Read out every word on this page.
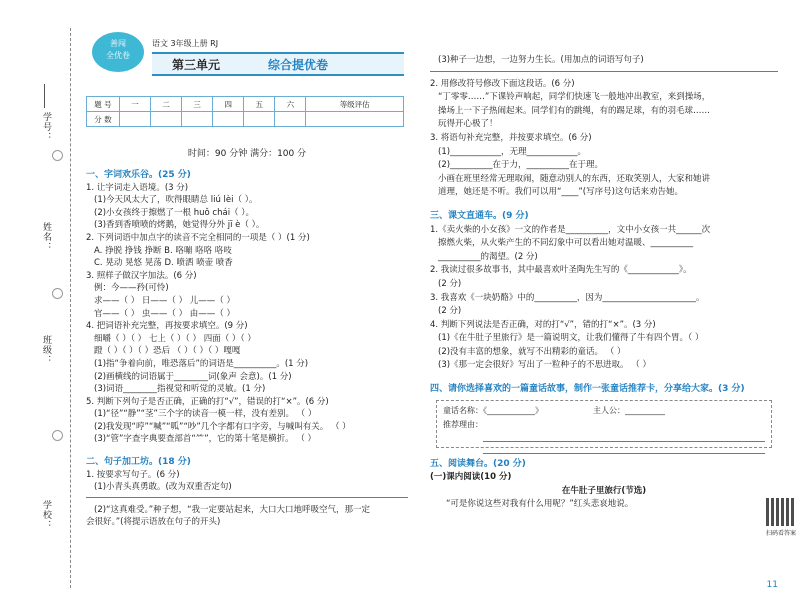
学号：
姓名：
班级：
学校：
善闯
全优卷
语文 3年级上册 RJ
第三单元	综合提优卷
题 号	一	二	三	四	五	六	等级评估
分 数							
时间：90 分钟 满分：100 分
一、字词欢乐谷。(25 分)
1. 让字词走入语境。(3 分)
(1)今天风太大了，吹得眼睛总 liú lèi（ ）。
(2)小女孩终于擦燃了一根 huǒ chái（ ）。
(3)香到香喷喷的烤鹅，她觉得分外 jī è（ ）。
2. 下列词语中加点字的读音不完全相同的一项是（ ）(1 分)
A. 挣脱 挣钱 挣断 B. 咯嘣 咯咯 咯吱
C. 晃动 晃悠 晃荡 D. 喷洒 喷壶 喷香
3. 照样子做汉字加法。(6 分)
例：今——矜(可怜)
求——（ ） 日——（ ） 儿——（ ）
官——（ ） 虫——（ ） 由——（ ）
4. 把词语补充完整，再按要求填空。(9 分)
细嚼（ ）（ ） 七上（ ）（ ） 四面（ ）（ ）
蹬（ ）（ ）（ ）恐后 （ ）（ ）（ ）嘎嘎
(1)指“争着向前，唯恐落后”的词语是__________。(1 分)
(2)画横线的词语属于________词(象声 会意)。(1 分)
(3)词语________指视觉和听觉的灵敏。(1 分)
5. 判断下列句子是否正确，正确的打“√”，错误的打“×”。(6 分)
(1)“径”“静”“茎”三个字的读音一模一样，没有差别。 （ ）
(2)我发现“哼”“喊”“呱”“吵”几个字都有口字旁，与喊叫有关。 （ ）
(3)“管”字查字典要查部首“⺮”，它的第十笔是横折。 （ ）
二、句子加工坊。(18 分)
1. 按要求写句子。(6 分)
(1)小青头真勇敢。(改为双重否定句)
(2)“这真难受。”种子想，“我一定要站起来，大口大口地呼吸空气，那一定
会很好。”(将提示语放在句子的开头)
(3)种子一边想，一边努力生长。(用加点的词语写句子)
2. 用修改符号修改下面这段话。(6 分)
“丁零零……”下课铃声响起，同学们快速飞一般地冲出教室，来到操场，
操场上一下子热闹起来。同学们有的跳绳，有的踢足球，有的羽毛球……
玩得开心极了！
3. 将语句补充完整，并按要求填空。(6 分)
(1)____________，无理____________。
(2)__________在于力，__________在于理。
小画在班里经常无理取闹，随意动别人的东西，还取笑别人，大家和她讲
道理，她还是不听。我们可以用“____”(写序号)这句话来劝告她。
三、课文直通车。(9 分)
1.《卖火柴的小女孩》一文的作者是__________，文中小女孩一共______次
擦燃火柴，从火柴产生的不同幻象中可以看出她对温暖、__________
__________的渴望。(2 分)
2. 我读过很多故事书，其中最喜欢叶圣陶先生写的《____________》。
(2 分)
3. 我喜欢《一块奶酪》中的__________，因为______________________。
(2 分)
4. 判断下列说法是否正确，对的打“√”，错的打“×”。(3 分)
(1)《在牛肚子里旅行》是一篇说明文，让我们懂得了牛有四个胃。（ ）
(2)没有丰富的想象，就写不出精彩的童话。 （ ）
(3)《那一定会很好》写出了一粒种子的不思进取。 （ ）
四、请你选择喜欢的一篇童话故事，制作一张童话推荐卡，分享给大家。(3 分)
童话名称：《____________》	主人公：__________
推荐理由：
五、阅读舞台。(20 分)
(一)课内阅读(10 分)
在牛肚子里旅行(节选)
“可是你说这些对我有什么用呢？”红头悲哀地说。
扫码看答案
11
